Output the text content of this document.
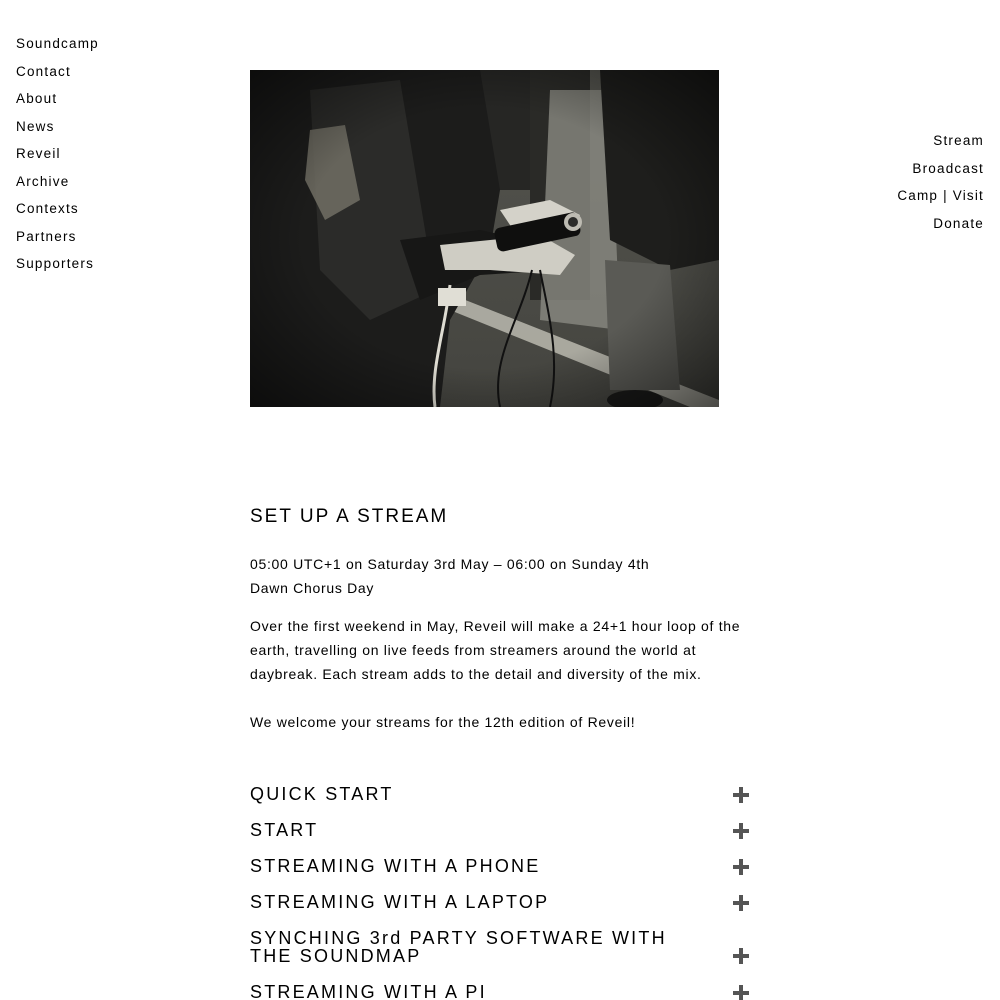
Soundcamp
Contact
About
News
Reveil
Archive
Contexts
Partners
Supporters
Stream
Broadcast
Camp | Visit
Donate
SET UP A STREAM
05:00 UTC+1 on Saturday 3rd May – 06:00 on Sunday 4th
Dawn Chorus Day

Over the first weekend in May, Reveil will make a 24+1 hour loop of the earth, travelling on live feeds from streamers around the world at daybreak. Each stream adds to the detail and diversity of the mix.

We welcome your streams for the 12th edition of Reveil!
QUICK START
START
STREAMING WITH A PHONE
STREAMING WITH A LAPTOP
SYNCHING 3rd PARTY SOFTWARE WITH THE SOUNDMAP
STREAMING WITH A PI
